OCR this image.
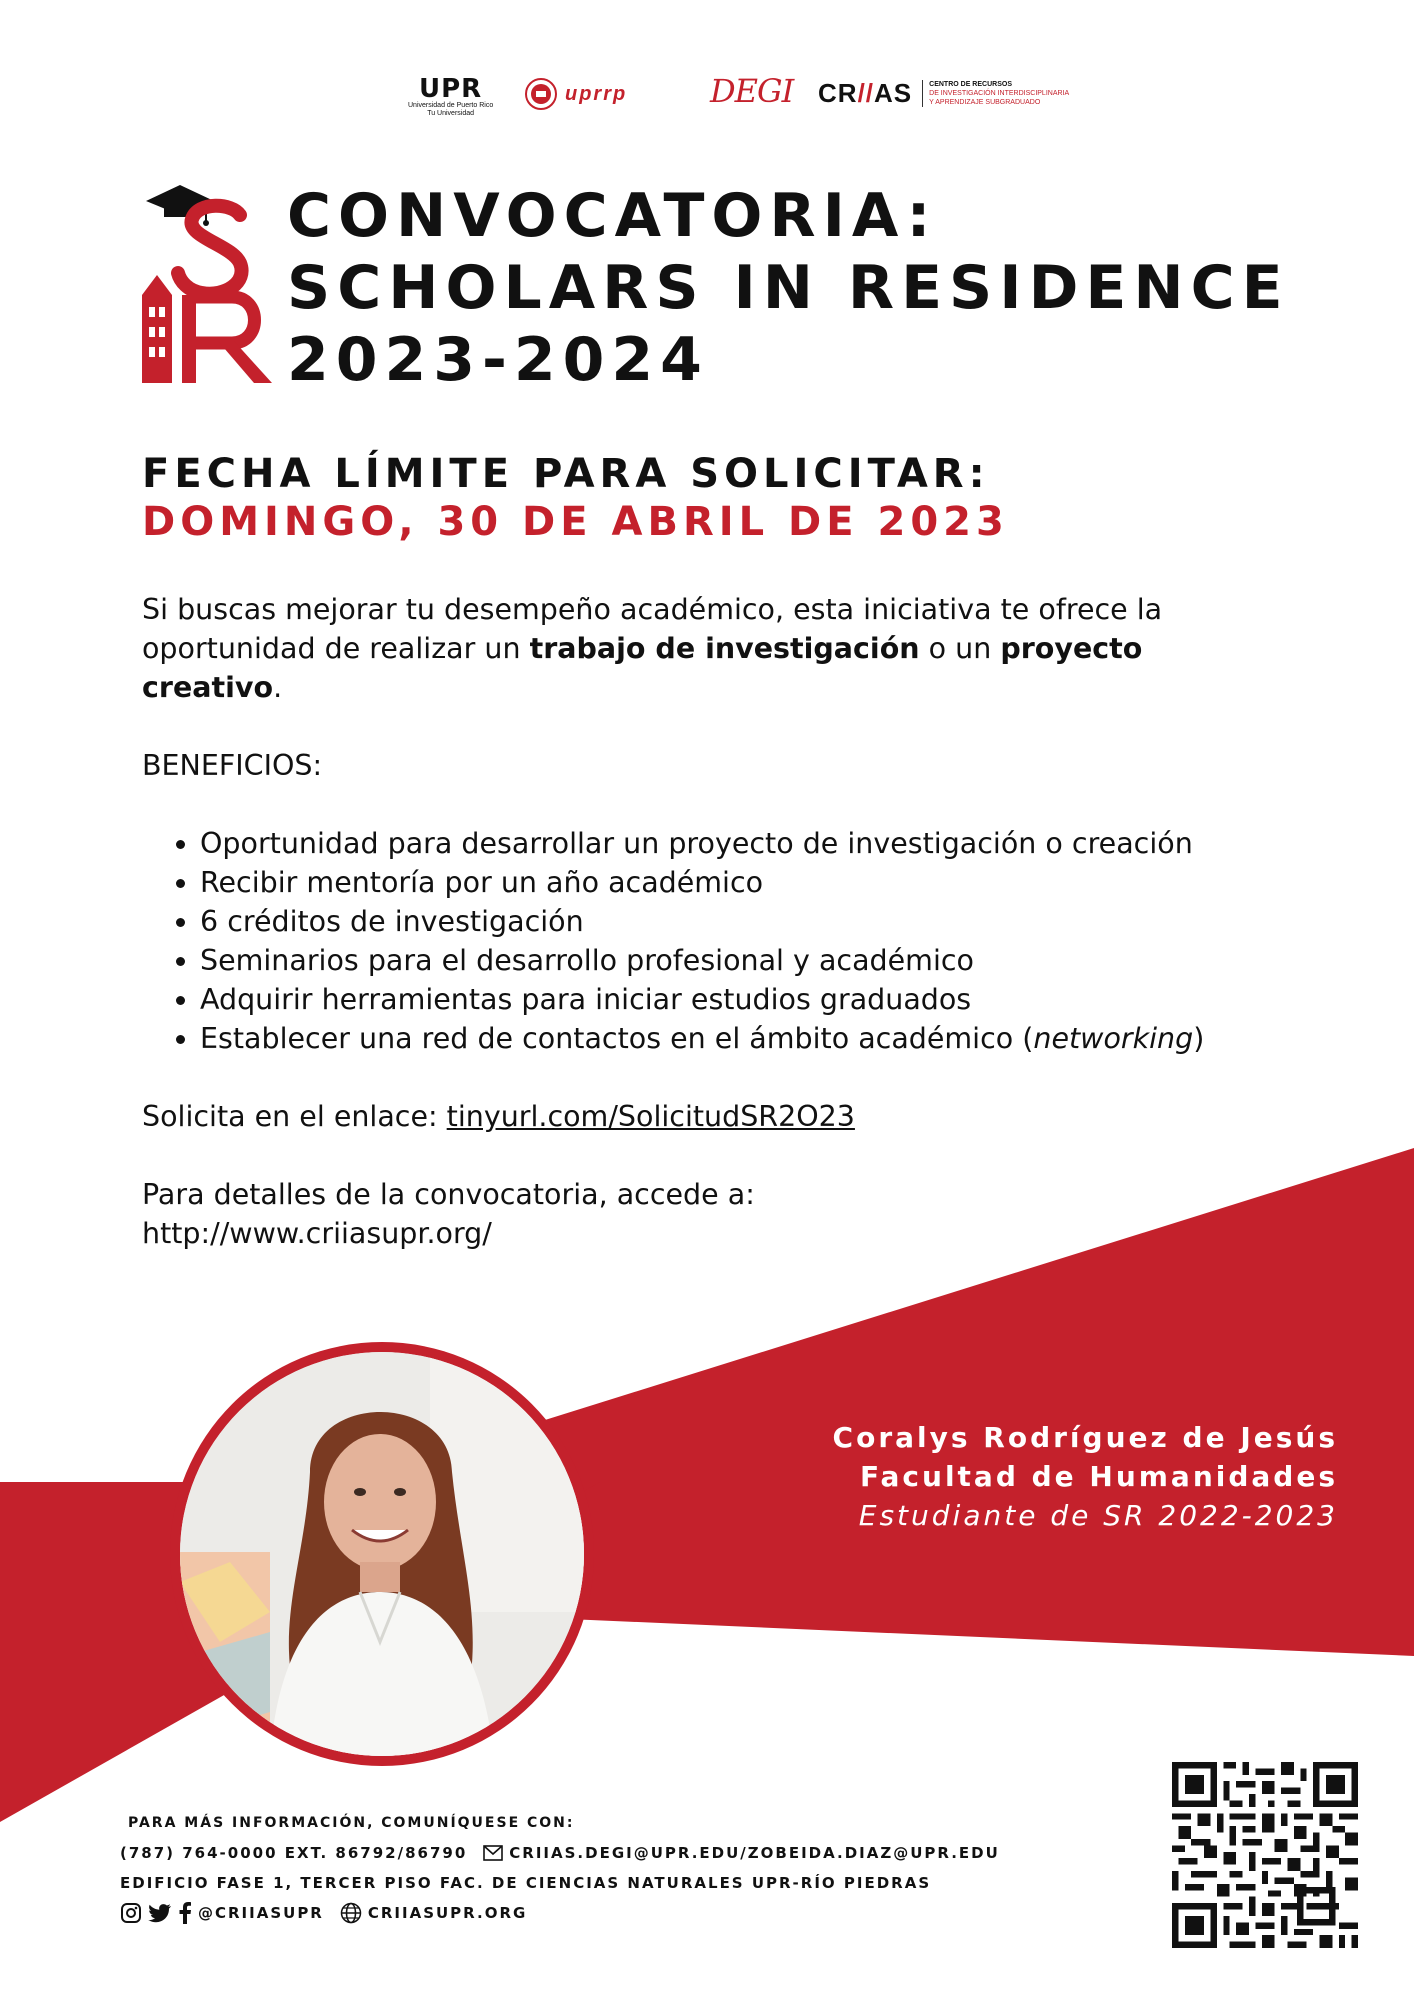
UPR
Universidad de Puerto Rico
Tu Universidad
uprrp	DEGI CR//AS CENTRO DE RECURSOS
DE INVESTIGACIÓN INTERDISCIPLINARIA
Y APRENDIZAJE SUBGRADUADO
CONVOCATORIA:
SCHOLARS IN RESIDENCE
2023-2024
FECHA LÍMITE PARA SOLICITAR:
DOMINGO, 30 DE ABRIL DE 2023

Si buscas mejorar tu desempeño académico, esta iniciativa te ofrece la oportunidad de realizar un trabajo de investigación o un proyecto creativo.

BENEFICIOS:

• Oportunidad para desarrollar un proyecto de investigación o creación
• Recibir mentoría por un año académico
• 6 créditos de investigación
• Seminarios para el desarrollo profesional y académico
• Adquirir herramientas para iniciar estudios graduados
• Establecer una red de contactos en el ámbito académico (networking)

Solicita en el enlace: tinyurl.com/SolicitudSR2O23

Para detalles de la convocatoria, accede a:

http://www.criiasupr.org/

Coralys Rodríguez de Jesús
Facultad de Humanidades
Estudiante de SR 2022-2023
PARA MÁS INFORMACIÓN, COMUNÍQUESE CON:
(787) 764-0000 EXT. 86792/86790	CRIIAS.DEGI@UPR.EDU/ZOBEIDA.DIAZ@UPR.EDU
EDIFICIO FASE 1, TERCER PISO FAC. DE CIENCIAS NATURALES UPR-RÍO PIEDRAS
@CRIIASUPR	CRIIASUPR.ORG
